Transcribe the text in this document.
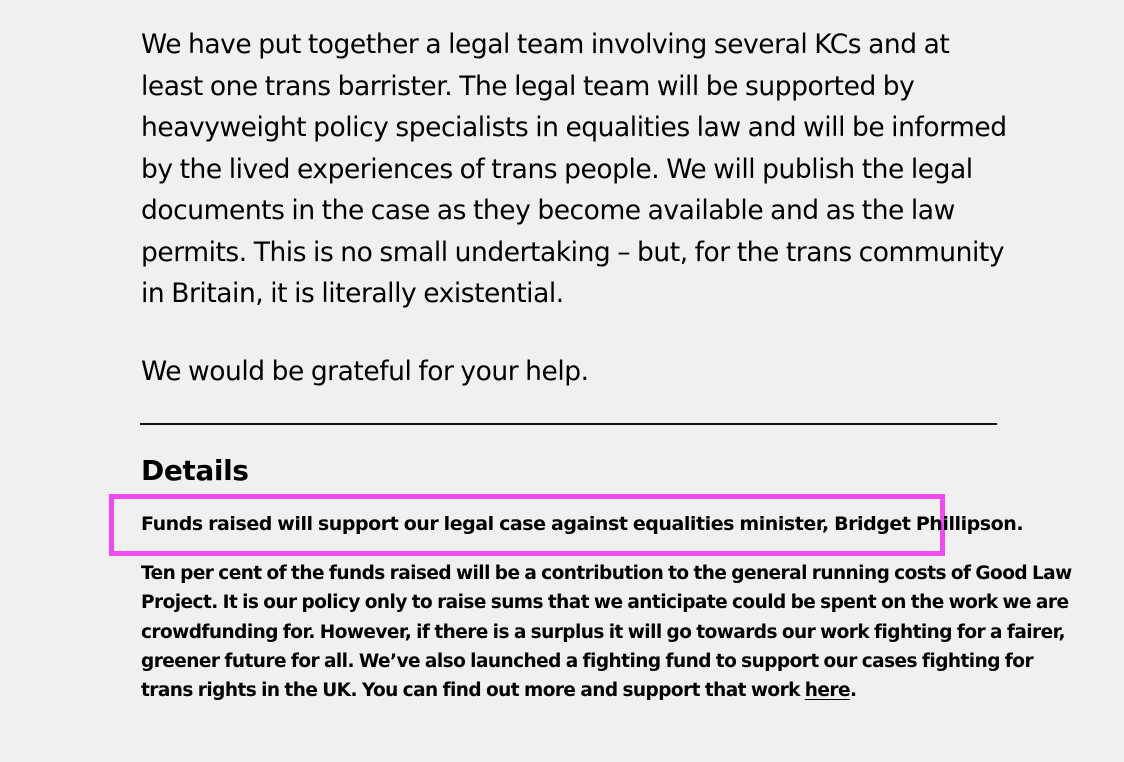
We have put together a legal team involving several KCs and at
least one trans barrister. The legal team will be supported by
heavyweight policy specialists in equalities law and will be informed
by the lived experiences of trans people. We will publish the legal
documents in the case as they become available and as the law
permits. This is no small undertaking – but, for the trans community
in Britain, it is literally existential.

We would be grateful for your help.

Details

Funds raised will support our legal case against equalities minister, Bridget Phillipson.

Ten per cent of the funds raised will be a contribution to the general running costs of Good Law
Project. It is our policy only to raise sums that we anticipate could be spent on the work we are
crowdfunding for. However, if there is a surplus it will go towards our work fighting for a fairer,
greener future for all. We’ve also launched a fighting fund to support our cases fighting for
trans rights in the UK. You can find out more and support that work here.
